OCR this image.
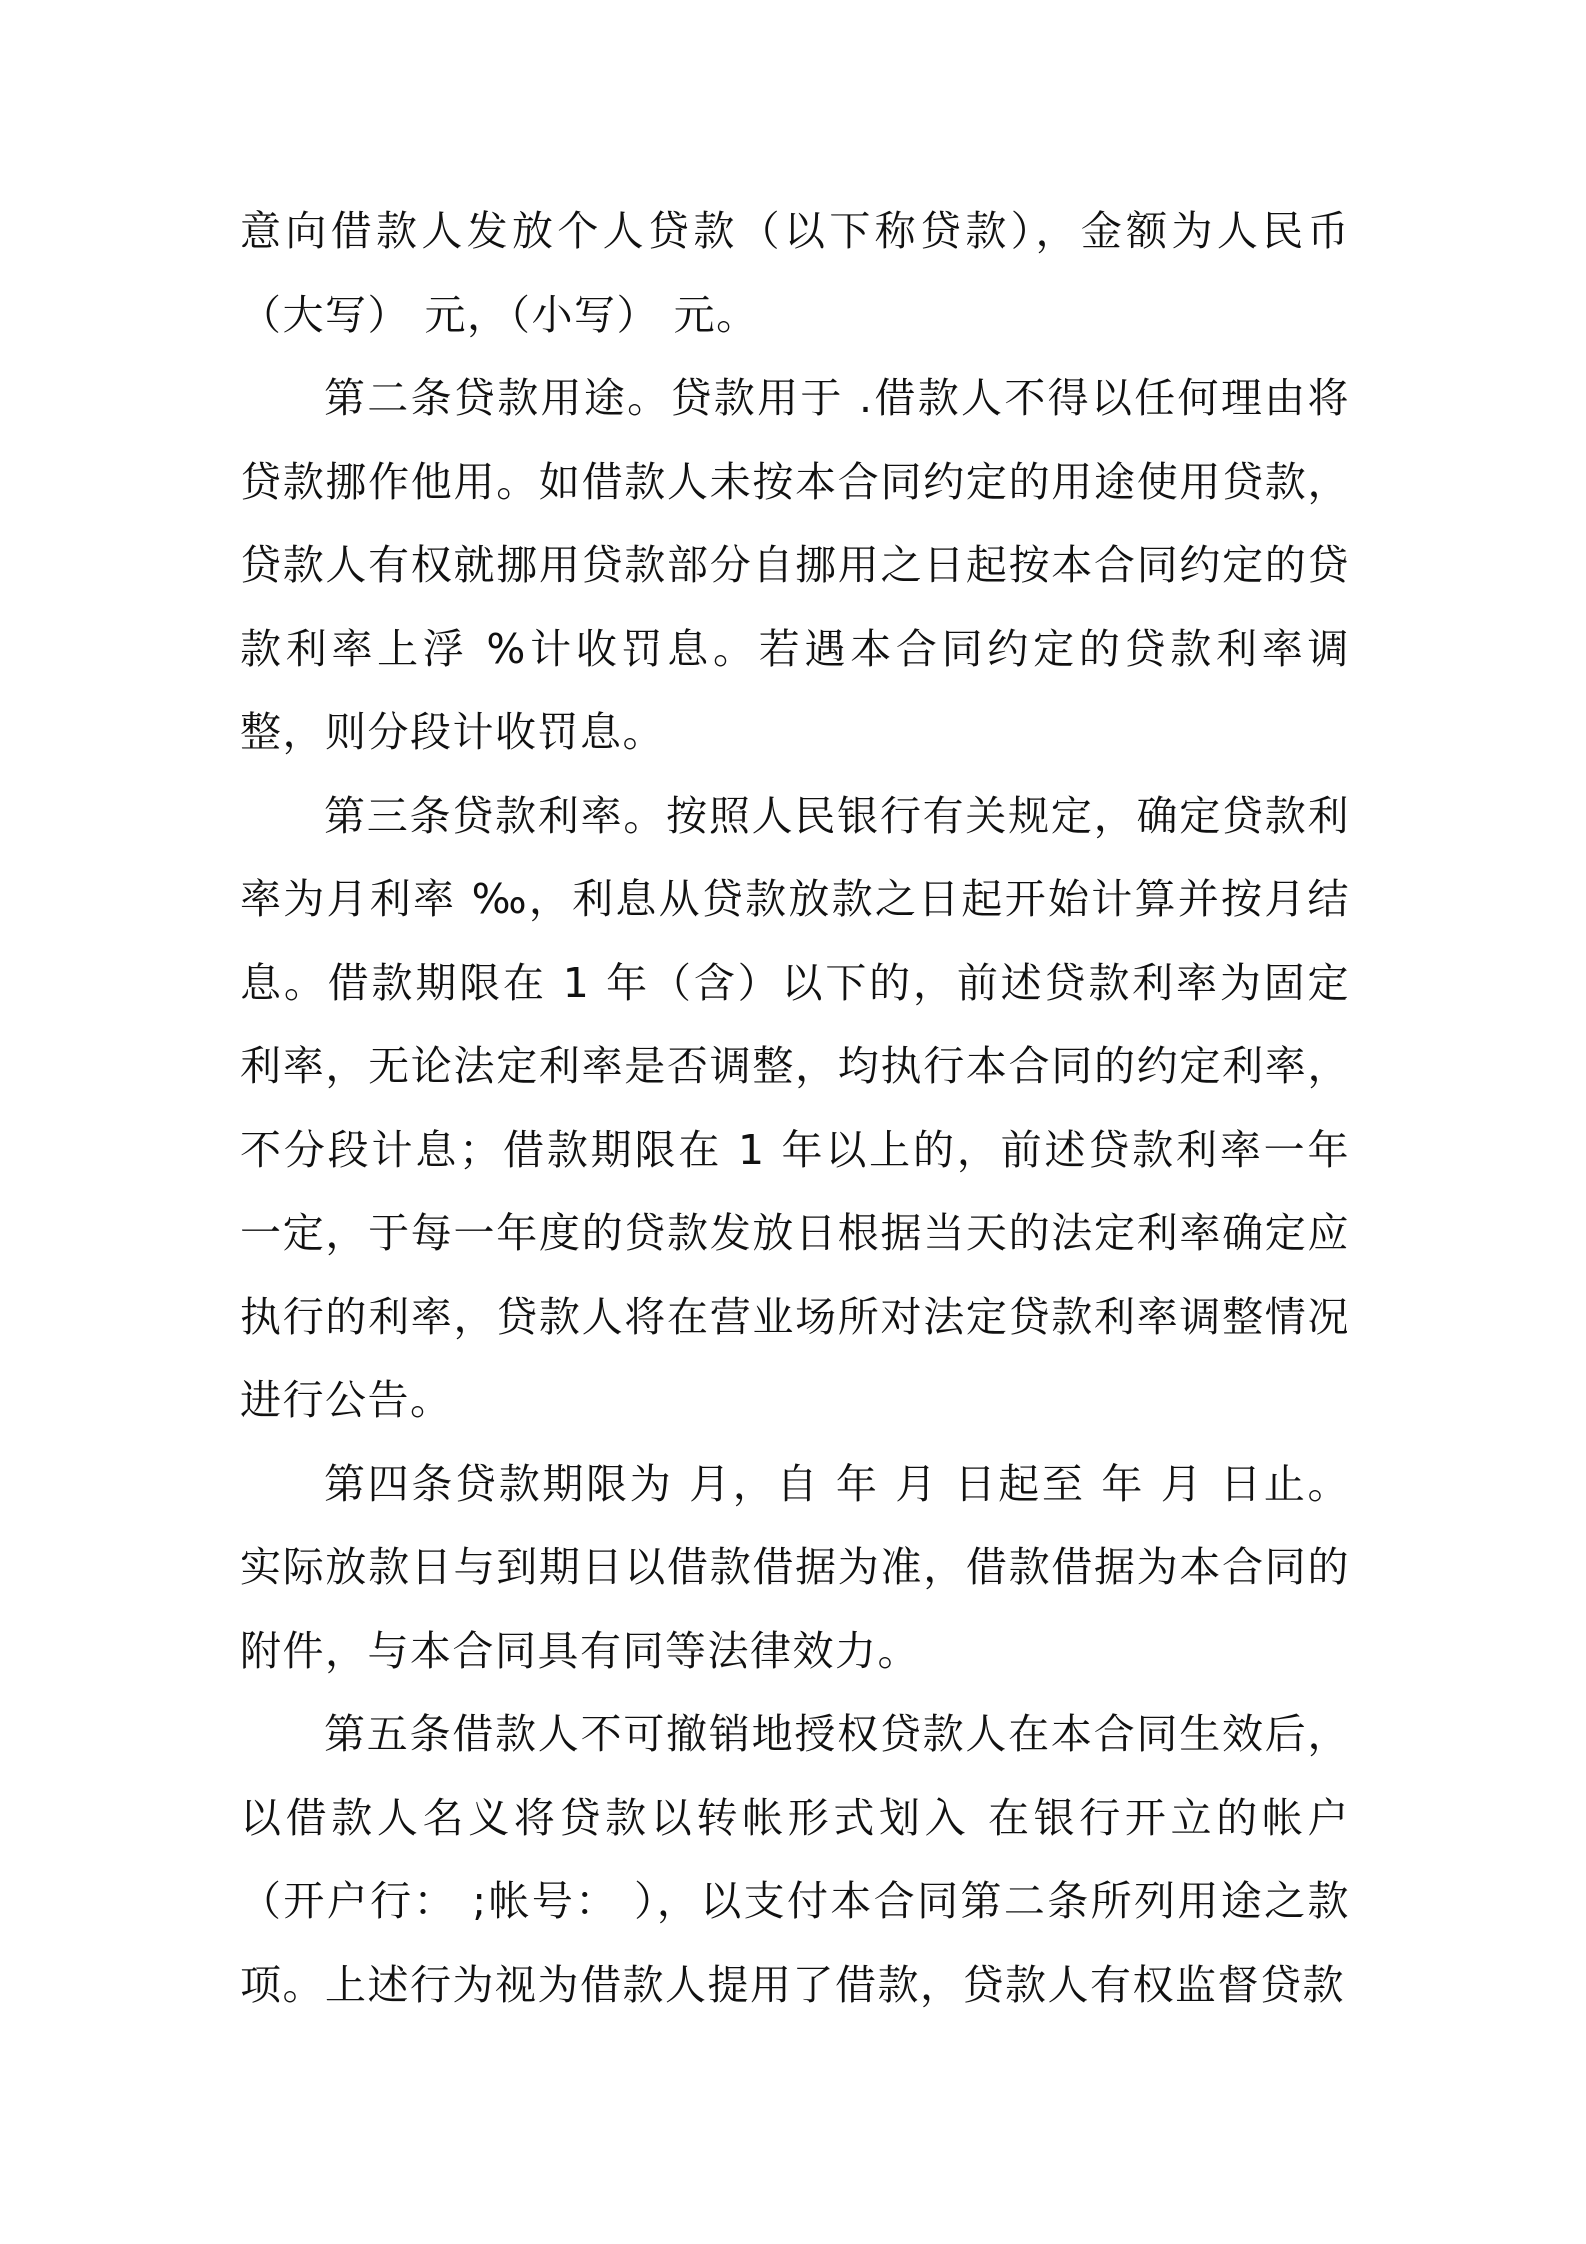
意向借款人发放个人贷款（以下称贷款），金额为人民币（大写） 元，（小写） 元。

第二条贷款用途。贷款用于 .借款人不得以任何理由将贷款挪作他用。如借款人未按本合同约定的用途使用贷款，贷款人有权就挪用贷款部分自挪用之日起按本合同约定的贷款利率上浮 %计收罚息。若遇本合同约定的贷款利率调整，则分段计收罚息。

第三条贷款利率。按照人民银行有关规定，确定贷款利率为月利率 ‰，利息从贷款放款之日起开始计算并按月结息。借款期限在 1 年（含）以下的，前述贷款利率为固定利率，无论法定利率是否调整，均执行本合同的约定利率，不分段计息；借款期限在 1 年以上的，前述贷款利率一年一定，于每一年度的贷款发放日根据当天的法定利率确定应执行的利率，贷款人将在营业场所对法定贷款利率调整情况进行公告。

第四条贷款期限为 月，自 年 月 日起至 年 月 日止。实际放款日与到期日以借款借据为准，借款借据为本合同的附件，与本合同具有同等法律效力。

第五条借款人不可撤销地授权贷款人在本合同生效后，以借款人名义将贷款以转帐形式划入 在银行开立的帐户（开户行： ;帐号： ），以支付本合同第二条所列用途之款项。上述行为视为借款人提用了借款，贷款人有权监督贷款
